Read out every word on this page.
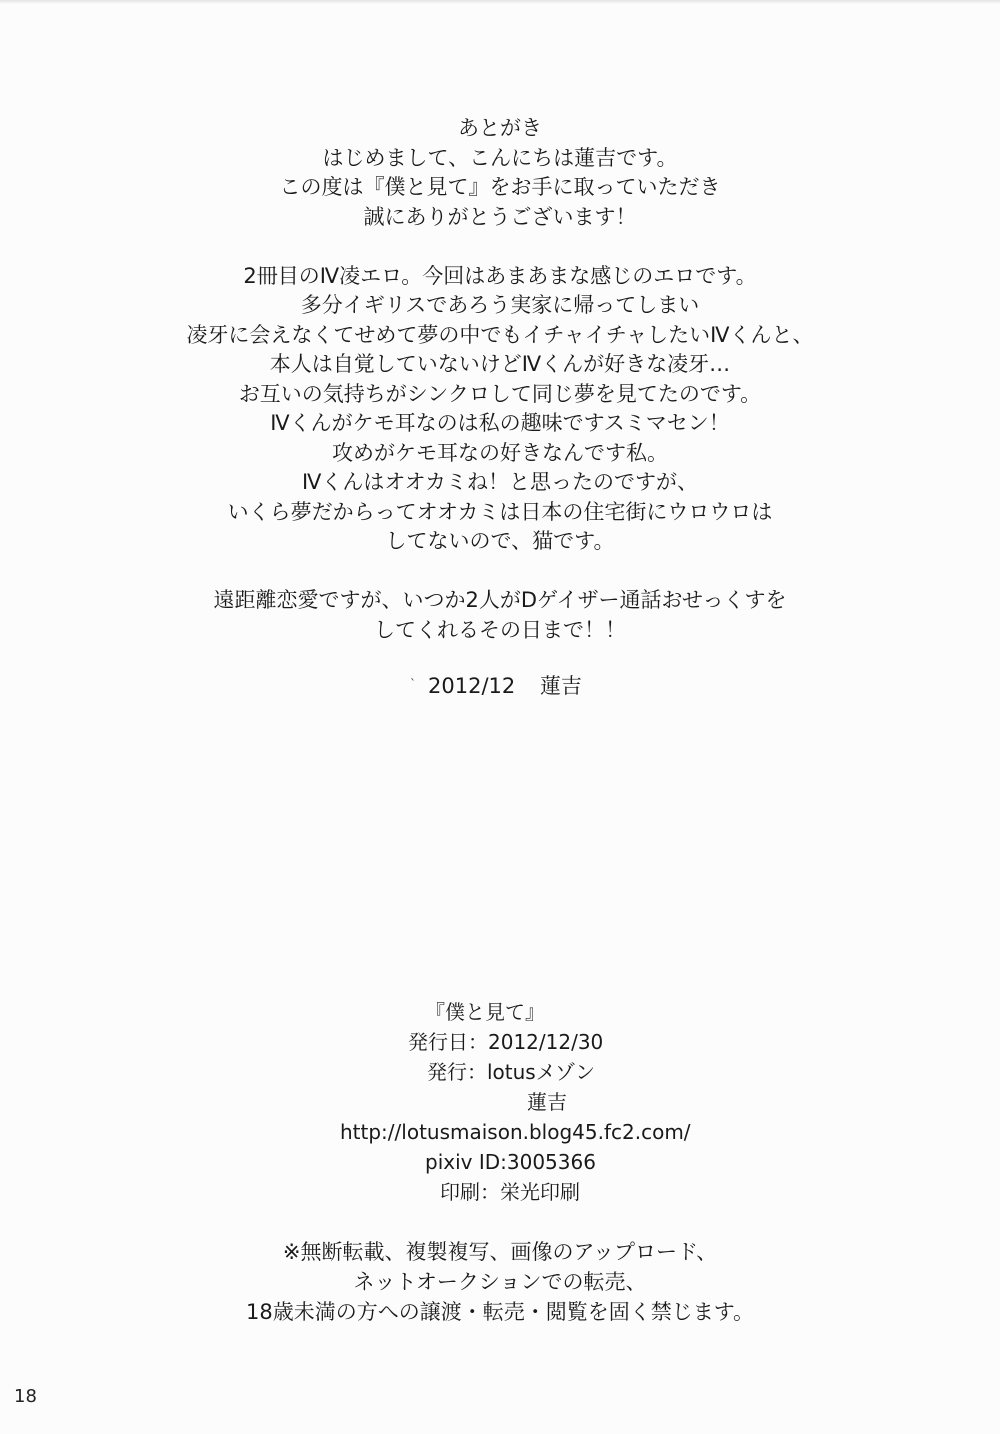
あとがき
はじめまして、こんにちは蓮吉です。
この度は『僕と見て』をお手に取っていただき
誠にありがとうございます！
2冊目のⅣ凌エロ。今回はあまあまな感じのエロです。
多分イギリスであろう実家に帰ってしまい
凌牙に会えなくてせめて夢の中でもイチャイチャしたいⅣくんと、
本人は自覚していないけどⅣくんが好きな凌牙…
お互いの気持ちがシンクロして同じ夢を見てたのです。
Ⅳくんがケモ耳なのは私の趣味ですスミマセン！
攻めがケモ耳なの好きなんです私。
Ⅳくんはオオカミね！と思ったのですが、
いくら夢だからってオオカミは日本の住宅街にウロウロは
してないので、猫です。
遠距離恋愛ですが、いつか2人がDゲイザー通話おせっくすを
してくれるその日まで！！
ˋ 2012/12 蓮吉
『僕と見て』
発行日：2012/12/30
発行：lotusメゾン
蓮吉
http://lotusmaison.blog45.fc2.com/
pixiv ID:3005366
印刷：栄光印刷
※無断転載、複製複写、画像のアップロード、
ネットオークションでの転売、
18歳未満の方への譲渡・転売・閲覧を固く禁じます。
18
